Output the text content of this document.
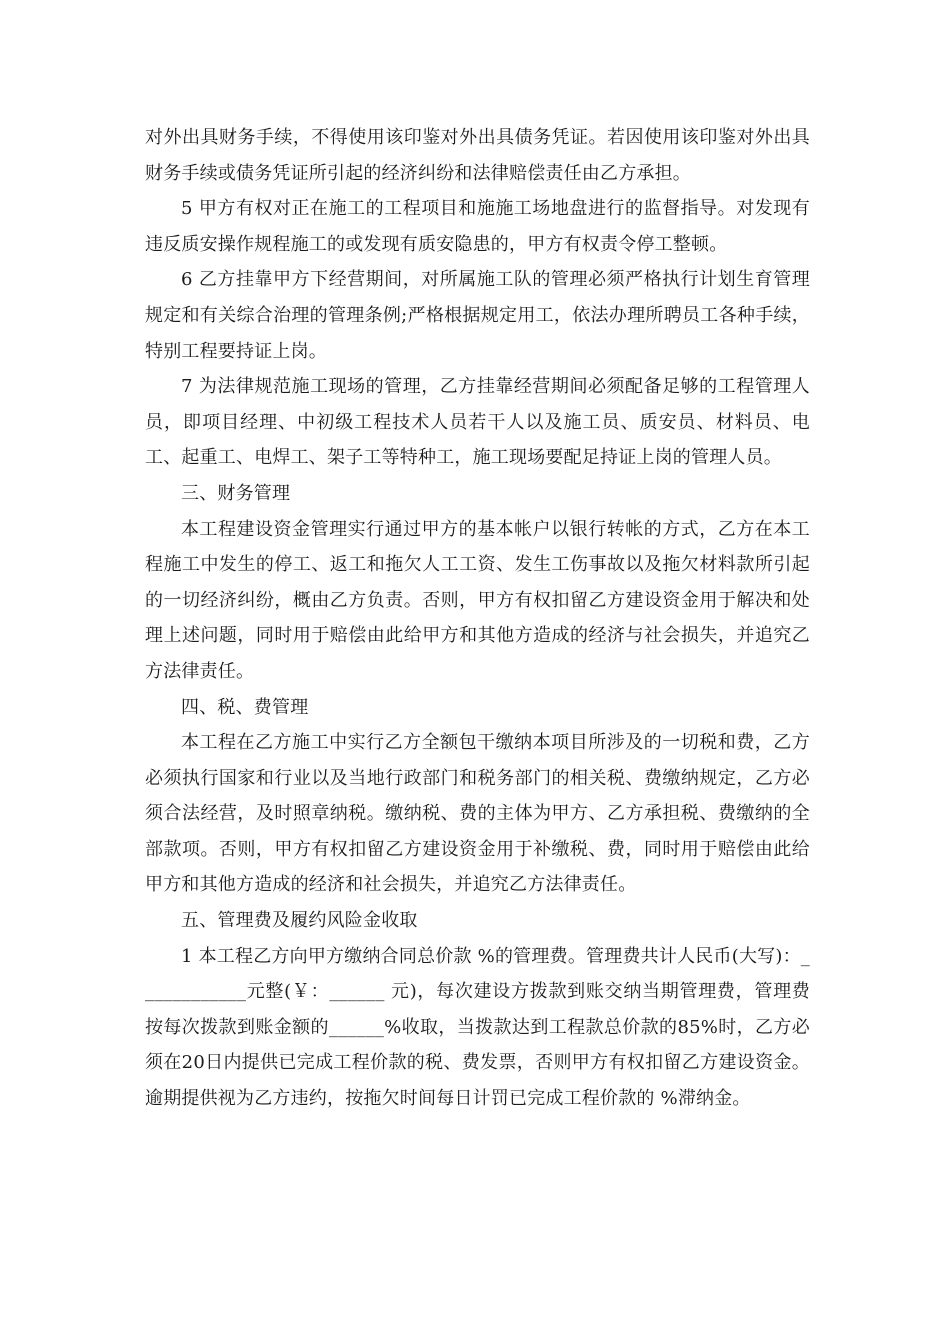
对外出具财务手续，不得使用该印鉴对外出具债务凭证。若因使用该印鉴对外出具财务手续或债务凭证所引起的经济纠纷和法律赔偿责任由乙方承担。

5 甲方有权对正在施工的工程项目和施施工场地盘进行的监督指导。对发现有违反质安操作规程施工的或发现有质安隐患的，甲方有权责令停工整顿。

6 乙方挂靠甲方下经营期间，对所属施工队的管理必须严格执行计划生育管理规定和有关综合治理的管理条例;严格根据规定用工，依法办理所聘员工各种手续，特别工程要持证上岗。

7 为法律规范施工现场的管理，乙方挂靠经营期间必须配备足够的工程管理人员，即项目经理、中初级工程技术人员若干人以及施工员、质安员、材料员、电工、起重工、电焊工、架子工等特种工，施工现场要配足持证上岗的管理人员。

三、财务管理

本工程建设资金管理实行通过甲方的基本帐户以银行转帐的方式，乙方在本工程施工中发生的停工、返工和拖欠人工工资、发生工伤事故以及拖欠材料款所引起的一切经济纠纷，概由乙方负责。否则，甲方有权扣留乙方建设资金用于解决和处理上述问题，同时用于赔偿由此给甲方和其他方造成的经济与社会损失，并追究乙方法律责任。

四、税、费管理

本工程在乙方施工中实行乙方全额包干缴纳本项目所涉及的一切税和费，乙方必须执行国家和行业以及当地行政部门和税务部门的相关税、费缴纳规定，乙方必须合法经营，及时照章纳税。缴纳税、费的主体为甲方、乙方承担税、费缴纳的全部款项。否则，甲方有权扣留乙方建设资金用于补缴税、费，同时用于赔偿由此给甲方和其他方造成的经济和社会损失，并追究乙方法律责任。

五、管理费及履约风险金收取

1 本工程乙方向甲方缴纳合同总价款 %的管理费。管理费共计人民币(大写)：____________元整(￥：______ 元)，每次建设方拨款到账交纳当期管理费，管理费按每次拨款到账金额的______%收取，当拨款达到工程款总价款的85%时，乙方必须在20日内提供已完成工程价款的税、费发票，否则甲方有权扣留乙方建设资金。逾期提供视为乙方违约，按拖欠时间每日计罚已完成工程价款的 %滞纳金。
